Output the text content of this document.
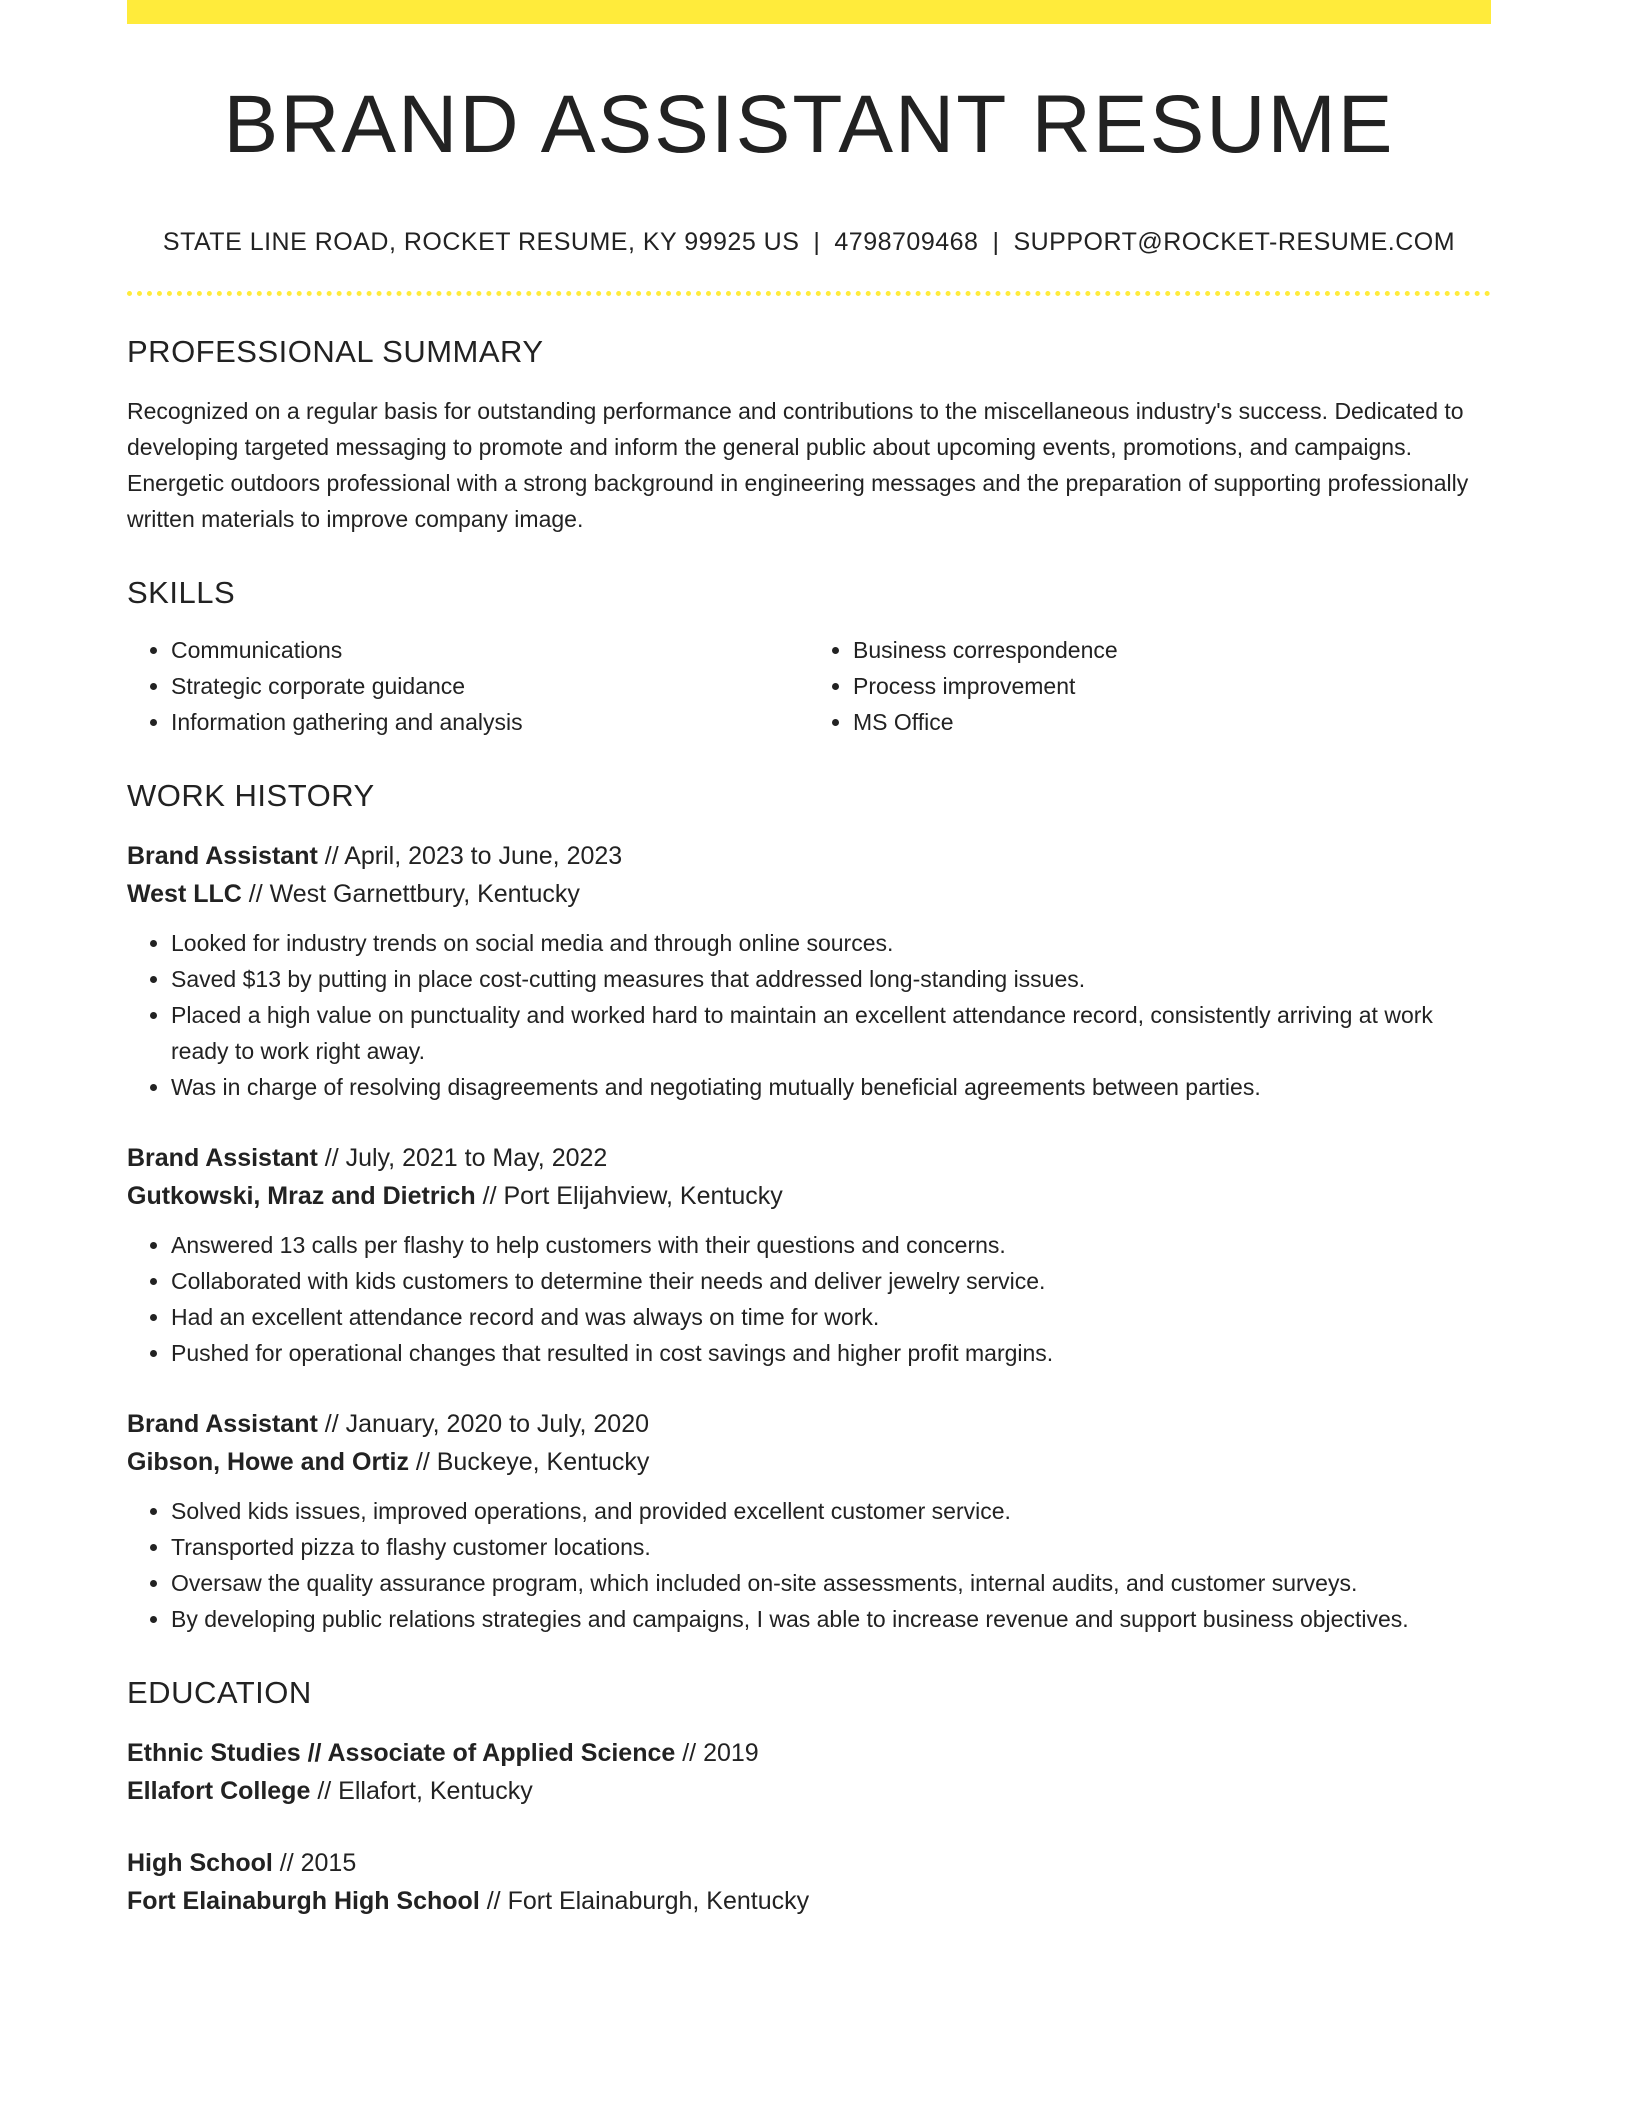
BRAND ASSISTANT RESUME
STATE LINE ROAD, ROCKET RESUME, KY 99925 US | 4798709468 | SUPPORT@ROCKET-RESUME.COM
PROFESSIONAL SUMMARY

Recognized on a regular basis for outstanding performance and contributions to the miscellaneous industry's success. Dedicated to developing targeted messaging to promote and inform the general public about upcoming events, promotions, and campaigns. Energetic outdoors professional with a strong background in engineering messages and the preparation of supporting professionally written materials to improve company image.

SKILLS
• Communications
• Strategic corporate guidance
• Information gathering and analysis
• Business correspondence
• Process improvement
• MS Office
WORK HISTORY
Brand Assistant // April, 2023 to June, 2023
West LLC // West Garnettbury, Kentucky
• Looked for industry trends on social media and through online sources.
• Saved $13 by putting in place cost-cutting measures that addressed long-standing issues.
• Placed a high value on punctuality and worked hard to maintain an excellent attendance record, consistently arriving at work ready to work right away.
• Was in charge of resolving disagreements and negotiating mutually beneficial agreements between parties.
Brand Assistant // July, 2021 to May, 2022
Gutkowski, Mraz and Dietrich // Port Elijahview, Kentucky
• Answered 13 calls per flashy to help customers with their questions and concerns.
• Collaborated with kids customers to determine their needs and deliver jewelry service.
• Had an excellent attendance record and was always on time for work.
• Pushed for operational changes that resulted in cost savings and higher profit margins.
Brand Assistant // January, 2020 to July, 2020
Gibson, Howe and Ortiz // Buckeye, Kentucky
• Solved kids issues, improved operations, and provided excellent customer service.
• Transported pizza to flashy customer locations.
• Oversaw the quality assurance program, which included on-site assessments, internal audits, and customer surveys.
• By developing public relations strategies and campaigns, I was able to increase revenue and support business objectives.
EDUCATION
Ethnic Studies // Associate of Applied Science // 2019
Ellafort College // Ellafort, Kentucky
High School // 2015
Fort Elainaburgh High School // Fort Elainaburgh, Kentucky
